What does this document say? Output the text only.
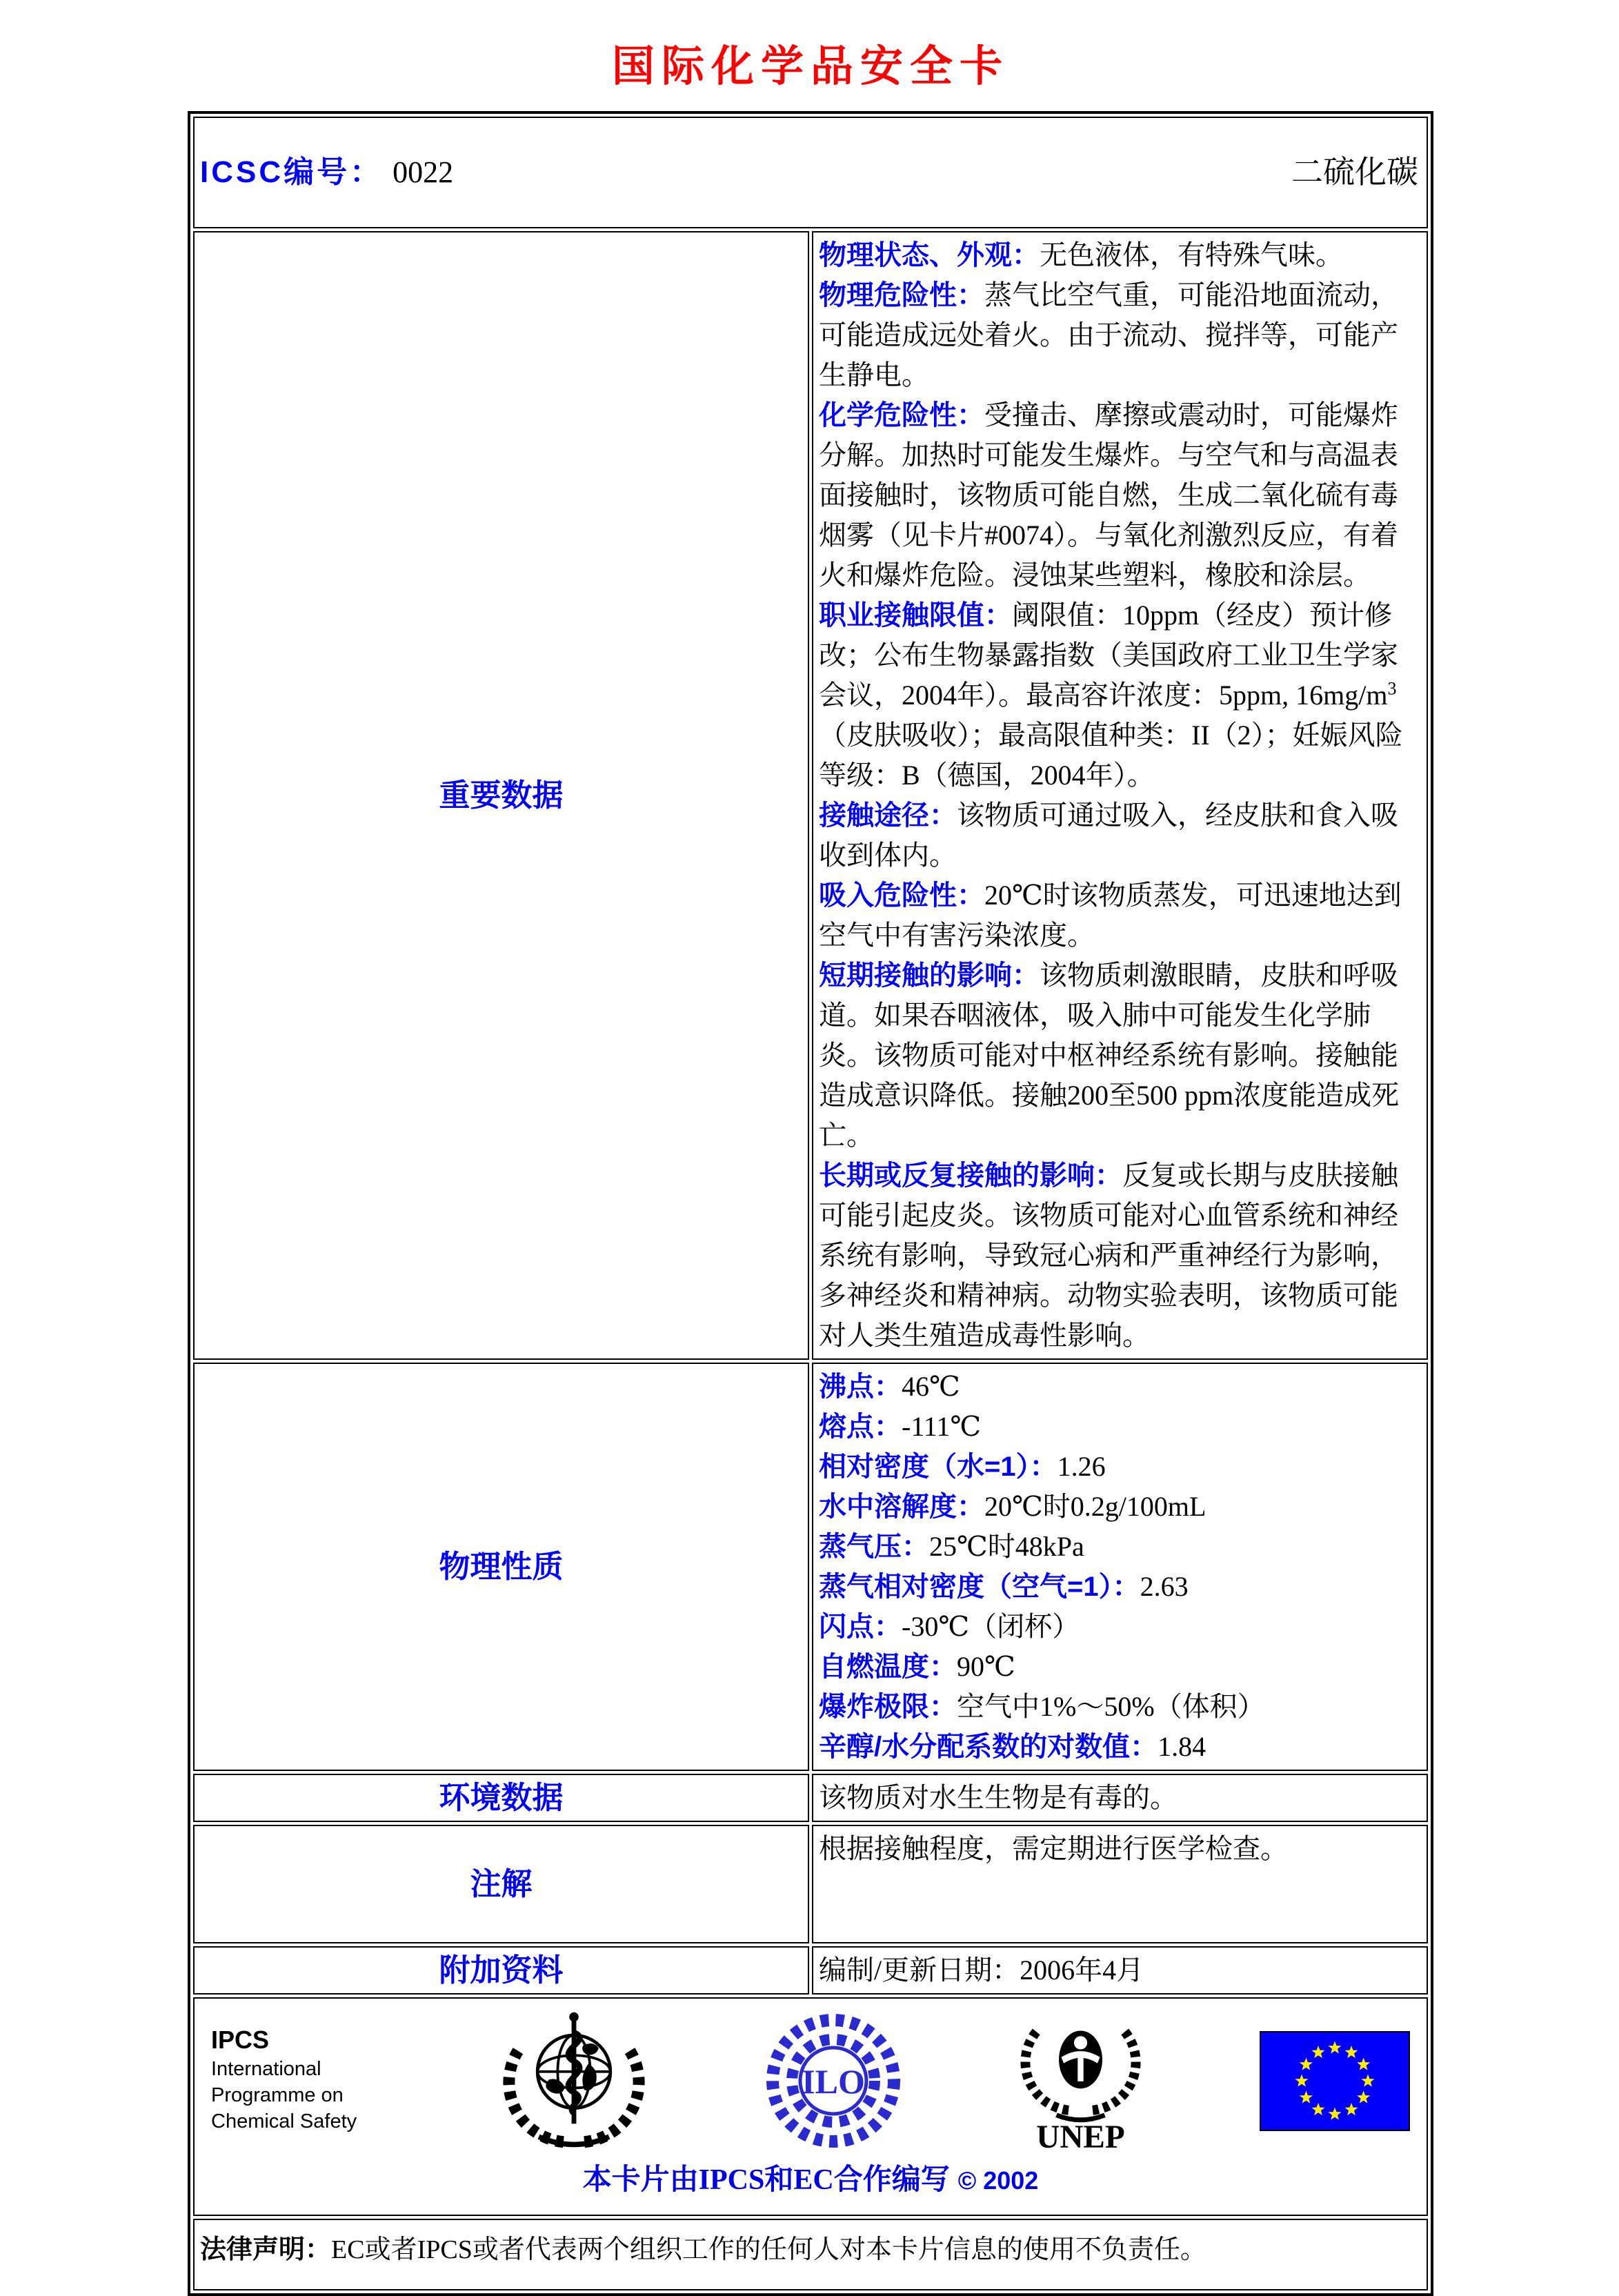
国际化学品安全卡
ICSC编号： 0022 二硫化碳	

重要数据	
物理状态、外观：无色液体，有特殊气味。
物理危险性：蒸气比空气重，可能沿地面流动，可能造成远处着火。由于流动、搅拌等，可能产生静电。
化学危险性：受撞击、摩擦或震动时，可能爆炸分解。加热时可能发生爆炸。与空气和与高温表面接触时，该物质可能自燃，生成二氧化硫有毒烟雾（见卡片#0074）。与氧化剂激烈反应，有着火和爆炸危险。浸蚀某些塑料，橡胶和涂层。
职业接触限值：阈限值：10ppm（经皮）预计修改；公布生物暴露指数（美国政府工业卫生学家会议，2004年）。最高容许浓度：5ppm, $16mg/m^3$（皮肤吸收）；最高限值种类：II（2）；妊娠风险等级：B（德国，2004年）。
接触途径：该物质可通过吸入，经皮肤和食入吸收到体内。
吸入危险性：20℃时该物质蒸发，可迅速地达到空气中有害污染浓度。
短期接触的影响：该物质刺激眼睛，皮肤和呼吸道。如果吞咽液体，吸入肺中可能发生化学肺炎。该物质可能对中枢神经系统有影响。接触能造成意识降低。接触200至500 ppm浓度能造成死亡。
长期或反复接触的影响：反复或长期与皮肤接触可能引起皮炎。该物质可能对心血管系统和神经系统有影响，导致冠心病和严重神经行为影响，多神经炎和精神病。动物实验表明，该物质可能对人类生殖造成毒性影响。

物理性质	
沸点：46℃
熔点：-111℃
相对密度（水=1）：1.26
水中溶解度：20℃时0.2g/100mL
蒸气压：25℃时48kPa
蒸气相对密度（空气=1）：2.63
闪点：-30℃（闭杯）
自燃温度：90℃
爆炸极限：空气中1%～50%（体积）
辛醇/水分配系数的对数值：1.84

环境数据	该物质对水生生物是有毒的。
注解	根据接触程度，需定期进行医学检查。
附加资料	编制/更新日期：2006年4月

IPCS
International
Programme on
Chemical Safety
ILO
UNEP
本卡片由IPCS和EC合作编写 © 2002

法律声明：EC或者IPCS或者代表两个组织工作的任何人对本卡片信息的使用不负责任。	
